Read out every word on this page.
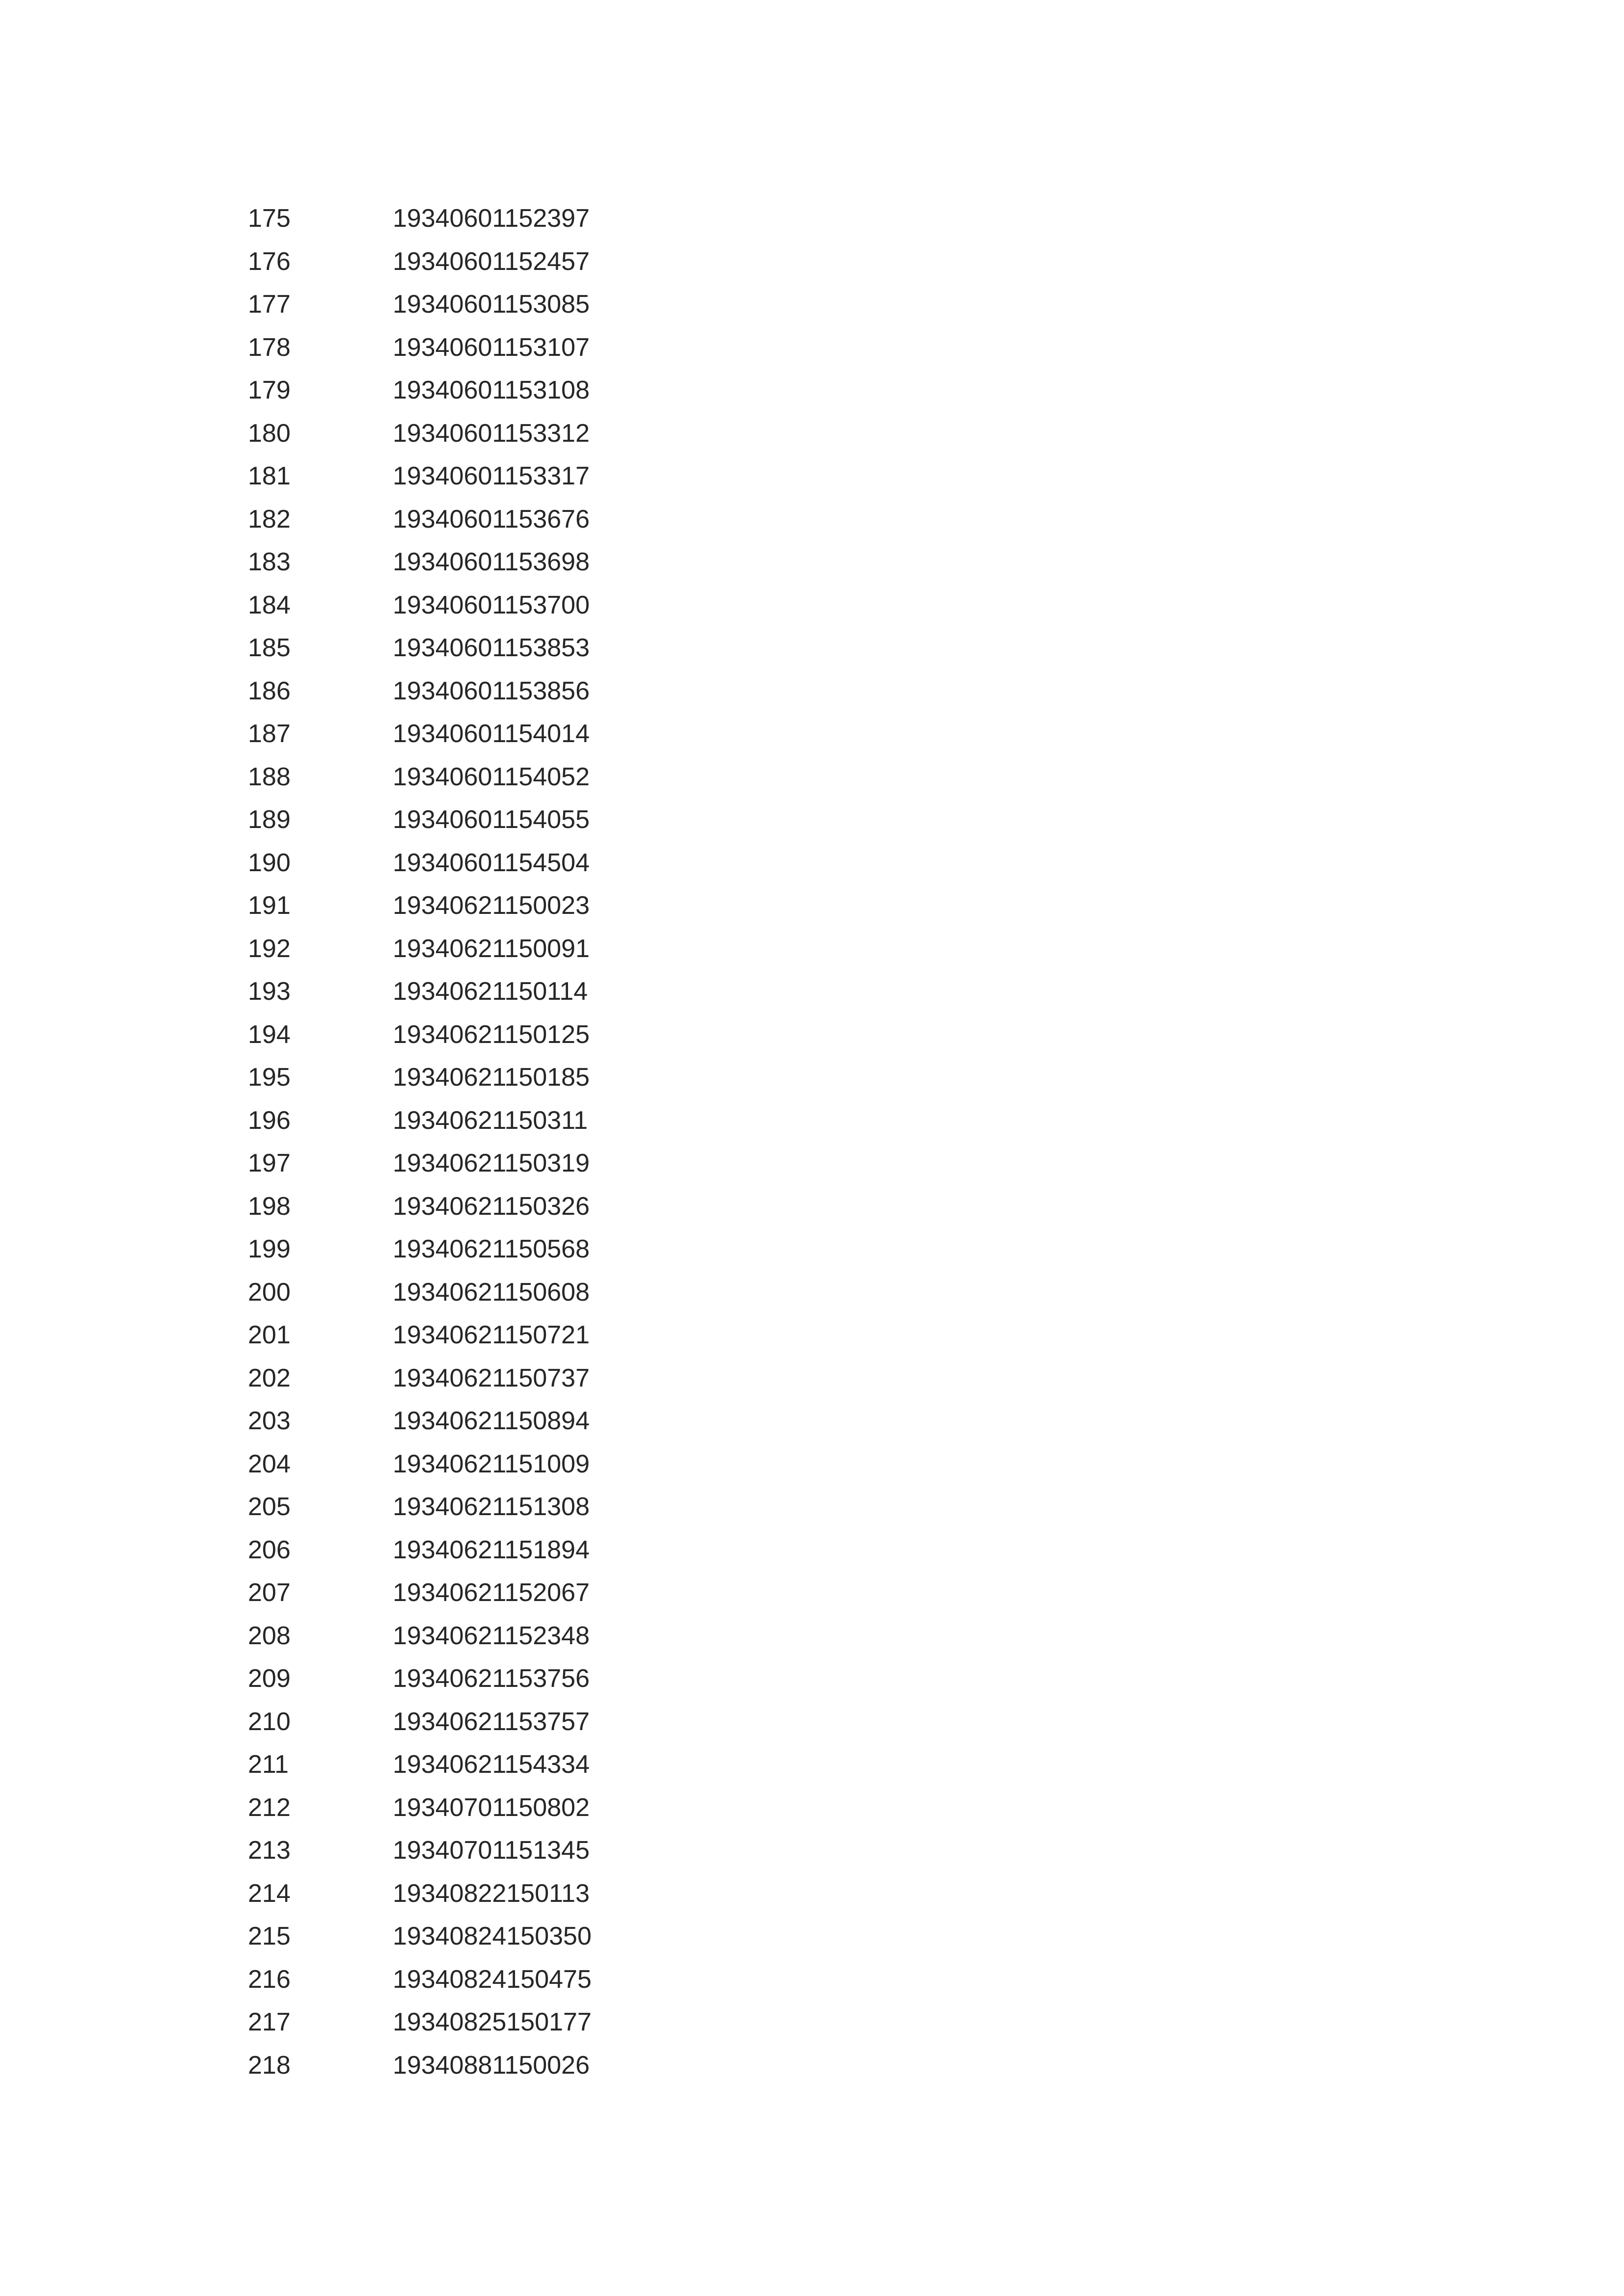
175	19340601152397
176	19340601152457
177	19340601153085
178	19340601153107
179	19340601153108
180	19340601153312
181	19340601153317
182	19340601153676
183	19340601153698
184	19340601153700
185	19340601153853
186	19340601153856
187	19340601154014
188	19340601154052
189	19340601154055
190	19340601154504
191	19340621150023
192	19340621150091
193	19340621150114
194	19340621150125
195	19340621150185
196	19340621150311
197	19340621150319
198	19340621150326
199	19340621150568
200	19340621150608
201	19340621150721
202	19340621150737
203	19340621150894
204	19340621151009
205	19340621151308
206	19340621151894
207	19340621152067
208	19340621152348
209	19340621153756
210	19340621153757
211	19340621154334
212	19340701150802
213	19340701151345
214	19340822150113
215	19340824150350
216	19340824150475
217	19340825150177
218	19340881150026
